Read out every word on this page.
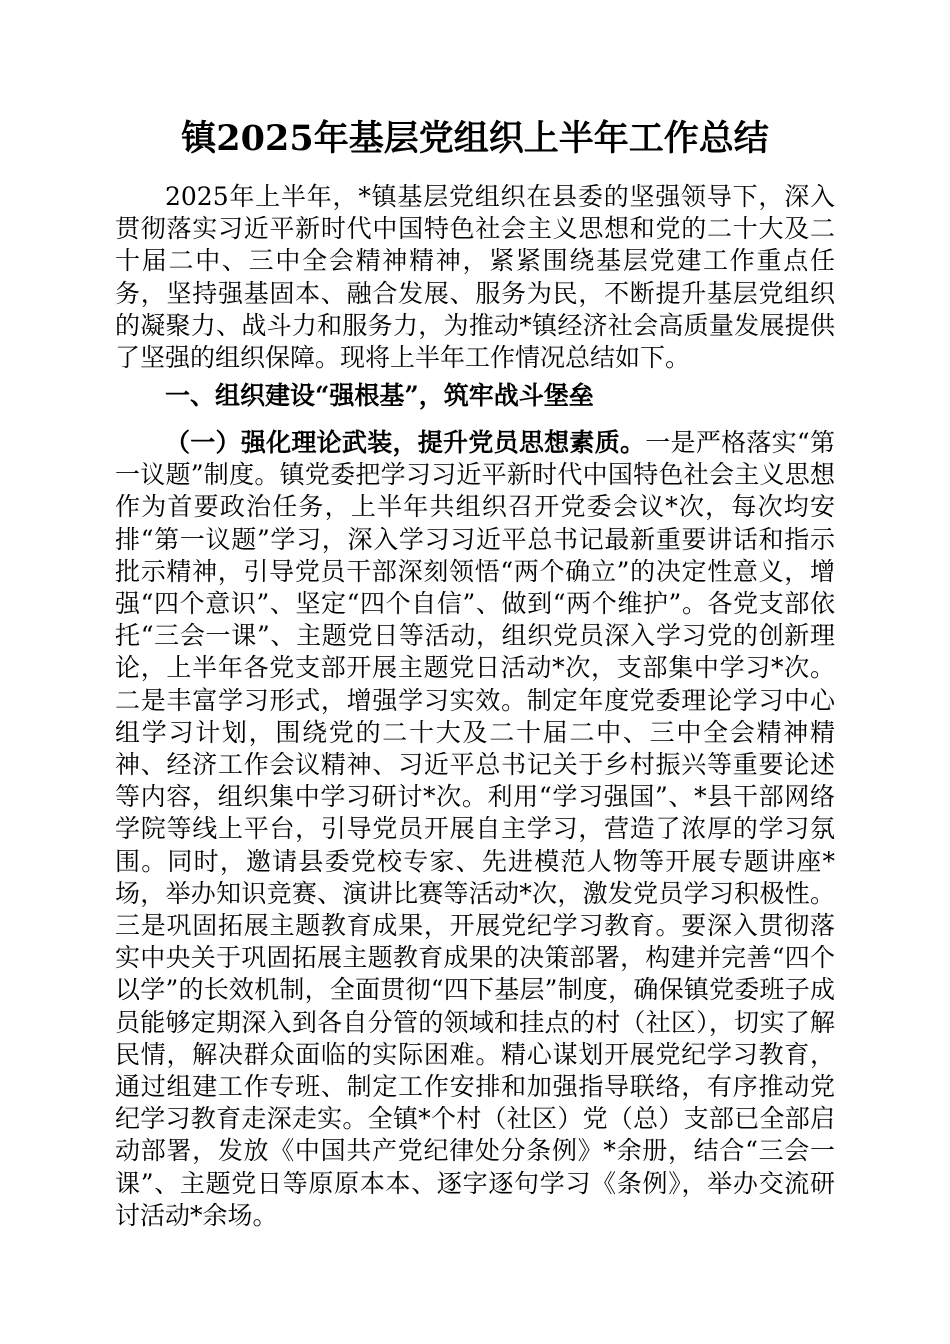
镇2025年基层党组织上半年工作总结

2025年上半年，*镇基层党组织在县委的坚强领导下，深入贯彻落实习近平新时代中国特色社会主义思想和党的二十大及二十届二中、三中全会精神精神，紧紧围绕基层党建工作重点任务，坚持强基固本、融合发展、服务为民，不断提升基层党组织的凝聚力、战斗力和服务力，为推动*镇经济社会高质量发展提供了坚强的组织保障。现将上半年工作情况总结如下。

一、组织建设“强根基”，筑牢战斗堡垒

（一）强化理论武装，提升党员思想素质。一是严格落实“第一议题”制度。镇党委把学习习近平新时代中国特色社会主义思想作为首要政治任务，上半年共组织召开党委会议*次，每次均安排“第一议题”学习，深入学习习近平总书记最新重要讲话和指示批示精神，引导党员干部深刻领悟“两个确立”的决定性意义，增强“四个意识”、坚定“四个自信”、做到“两个维护”。各党支部依托“三会一课”、主题党日等活动，组织党员深入学习党的创新理论，上半年各党支部开展主题党日活动*次，支部集中学习*次。二是丰富学习形式，增强学习实效。制定年度党委理论学习中心组学习计划，围绕党的二十大及二十届二中、三中全会精神精神、经济工作会议精神、习近平总书记关于乡村振兴等重要论述等内容，组织集中学习研讨*次。利用“学习强国”、*县干部网络学院等线上平台，引导党员开展自主学习，营造了浓厚的学习氛围。同时，邀请县委党校专家、先进模范人物等开展专题讲座*场，举办知识竞赛、演讲比赛等活动*次，激发党员学习积极性。三是巩固拓展主题教育成果，开展党纪学习教育。要深入贯彻落实中央关于巩固拓展主题教育成果的决策部署，构建并完善“四个以学”的长效机制，全面贯彻“四下基层”制度，确保镇党委班子成员能够定期深入到各自分管的领域和挂点的村（社区），切实了解民情，解决群众面临的实际困难。精心谋划开展党纪学习教育，通过组建工作专班、制定工作安排和加强指导联络，有序推动党纪学习教育走深走实。全镇*个村（社区）党（总）支部已全部启动部署，发放《中国共产党纪律处分条例》*余册，结合“三会一课”、主题党日等原原本本、逐字逐句学习《条例》，举办交流研讨活动*余场。
